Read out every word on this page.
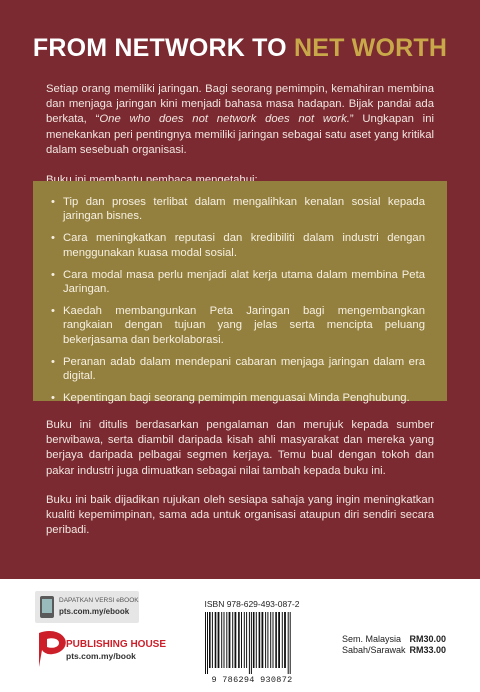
FROM NETWORK TO NET WORTH

Setiap orang memiliki jaringan. Bagi seorang pemimpin, kemahiran membina dan menjaga jaringan kini menjadi bahasa masa hadapan. Bijak pandai ada berkata, “One who does not network does not work.” Ungkapan ini menekankan peri pentingnya memiliki jaringan sebagai satu aset yang kritikal dalam sesebuah organisasi.

• Tip dan proses terlibat dalam mengalihkan kenalan sosial kepada jaringan bisnes.
• Cara meningkatkan reputasi dan kredibiliti dalam industri dengan menggunakan kuasa modal sosial.
• Cara modal masa perlu menjadi alat kerja utama dalam membina Peta Jaringan.
• Kaedah membangunkan Peta Jaringan bagi mengembangkan rangkaian dengan tujuan yang jelas serta mencipta peluang bekerjasama dan berkolaborasi.
• Peranan adab dalam mendepani cabaran menjaga jaringan dalam era digital.
• Kepentingan bagi seorang pemimpin menguasai Minda Penghubung.

Buku ini ditulis berdasarkan pengalaman dan merujuk kepada sumber berwibawa, serta diambil daripada kisah ahli masyarakat dan mereka yang berjaya daripada pelbagai segmen kerjaya. Temu bual dengan tokoh dan pakar industri juga dimuatkan sebagai nilai tambah kepada buku ini.

Buku ini baik dijadikan rujukan oleh sesiapa sahaja yang ingin meningkatkan kualiti kepemimpinan, sama ada untuk organisasi ataupun diri sendiri secara peribadi.

DAPATKAN VERSI eBOOK
pts.com.my/ebook
PUBLISHING HOUSE
pts.com.my/book
ISBN 978-629-493-087-2
9 786294 930872
Sem. Malaysia RM30.00
Sabah/Sarawak RM33.00
